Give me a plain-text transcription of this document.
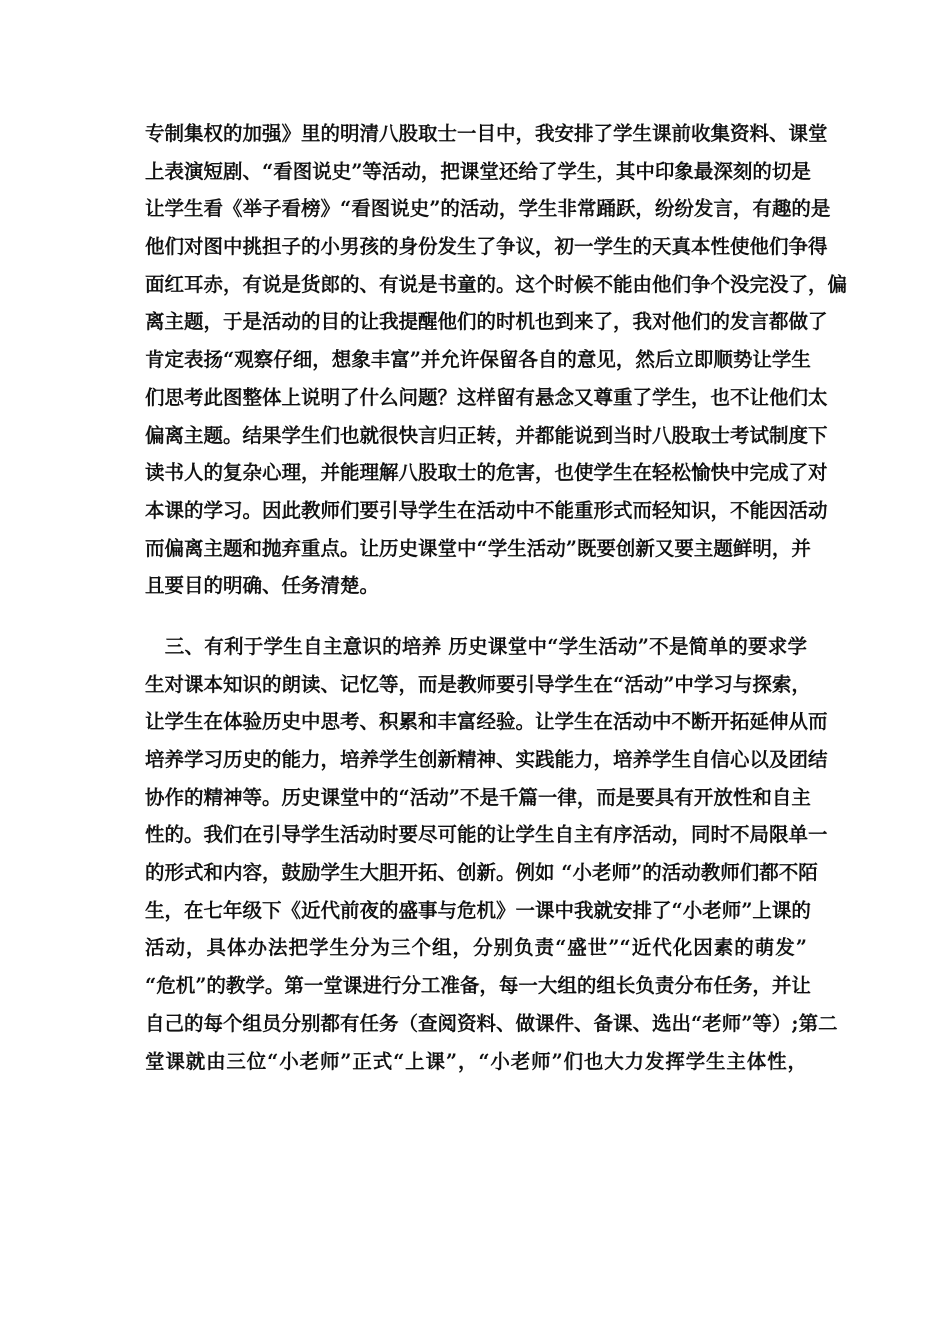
专制集权的加强》里的明清八股取士一目中，我安排了学生课前收集资料、课堂
上表演短剧、“看图说史”等活动，把课堂还给了学生，其中印象最深刻的切是
让学生看《举子看榜》“看图说史”的活动，学生非常踊跃，纷纷发言，有趣的是
他们对图中挑担子的小男孩的身份发生了争议，初一学生的天真本性使他们争得
面红耳赤，有说是货郎的、有说是书童的。这个时候不能由他们争个没完没了，偏
离主题，于是活动的目的让我提醒他们的时机也到来了，我对他们的发言都做了
肯定表扬“观察仔细，想象丰富”并允许保留各自的意见，然后立即顺势让学生
们思考此图整体上说明了什么问题？这样留有悬念又尊重了学生，也不让他们太
偏离主题。结果学生们也就很快言归正转，并都能说到当时八股取士考试制度下
读书人的复杂心理，并能理解八股取士的危害，也使学生在轻松愉快中完成了对
本课的学习。因此教师们要引导学生在活动中不能重形式而轻知识，不能因活动
而偏离主题和抛弃重点。让历史课堂中“学生活动”既要创新又要主题鲜明，并
且要目的明确、任务清楚。
　三、有利于学生自主意识的培养 历史课堂中“学生活动”不是简单的要求学
生对课本知识的朗读、记忆等，而是教师要引导学生在“活动”中学习与探索，
让学生在体验历史中思考、积累和丰富经验。让学生在活动中不断开拓延伸从而
培养学习历史的能力，培养学生创新精神、实践能力，培养学生自信心以及团结
协作的精神等。历史课堂中的“活动”不是千篇一律，而是要具有开放性和自主
性的。我们在引导学生活动时要尽可能的让学生自主有序活动，同时不局限单一
的形式和内容，鼓励学生大胆开拓、创新。例如 “小老师”的活动教师们都不陌
生，在七年级下《近代前夜的盛事与危机》一课中我就安排了“小老师”上课的
活动，具体办法把学生分为三个组，分别负责“盛世”“近代化因素的萌发”
“危机”的教学。第一堂课进行分工准备，每一大组的组长负责分布任务，并让
自己的每个组员分别都有任务（查阅资料、做课件、备课、选出“老师”等）;第二
堂课就由三位“小老师”正式“上课”，“小老师”们也大力发挥学生主体性，
